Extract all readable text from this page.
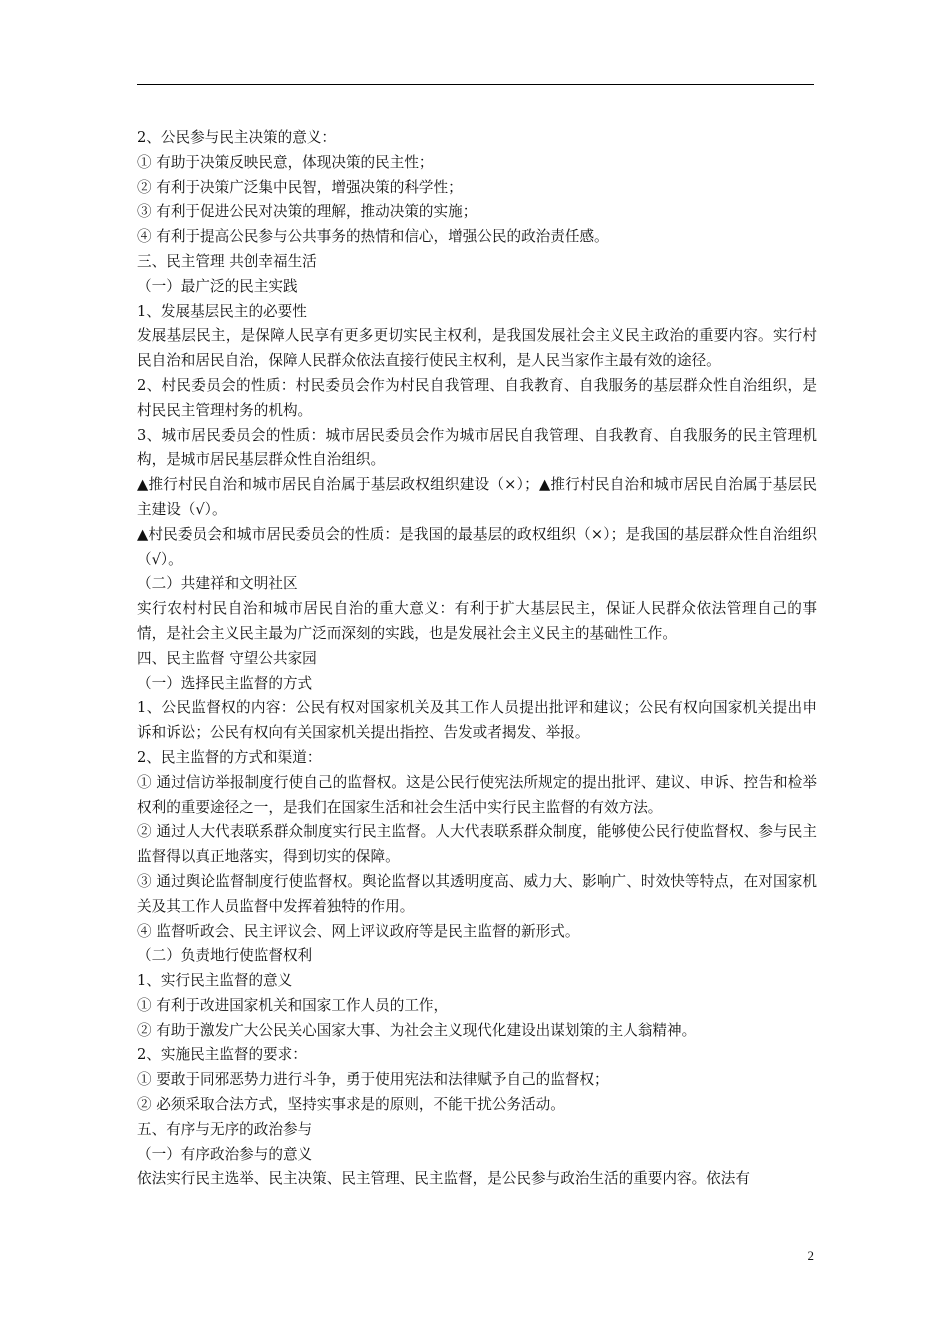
2、公民参与民主决策的意义：
① 有助于决策反映民意，体现决策的民主性；
② 有利于决策广泛集中民智，增强决策的科学性；
③ 有利于促进公民对决策的理解，推动决策的实施；
④ 有利于提高公民参与公共事务的热情和信心，增强公民的政治责任感。
三、民主管理 共创幸福生活
（一）最广泛的民主实践
1、发展基层民主的必要性
发展基层民主，是保障人民享有更多更切实民主权利，是我国发展社会主义民主政治的重要内容。实行村民自治和居民自治，保障人民群众依法直接行使民主权利，是人民当家作主最有效的途径。
2、村民委员会的性质：村民委员会作为村民自我管理、自我教育、自我服务的基层群众性自治组织，是村民民主管理村务的机构。
3、城市居民委员会的性质：城市居民委员会作为城市居民自我管理、自我教育、自我服务的民主管理机构，是城市居民基层群众性自治组织。
▲推行村民自治和城市居民自治属于基层政权组织建设（×）；▲推行村民自治和城市居民自治属于基层民主建设（√）。
▲村民委员会和城市居民委员会的性质：是我国的最基层的政权组织（×）；是我国的基层群众性自治组织（√）。
（二）共建祥和文明社区
实行农村村民自治和城市居民自治的重大意义：有利于扩大基层民主，保证人民群众依法管理自己的事情，是社会主义民主最为广泛而深刻的实践，也是发展社会主义民主的基础性工作。
四、民主监督 守望公共家园
（一）选择民主监督的方式
1、公民监督权的内容：公民有权对国家机关及其工作人员提出批评和建议；公民有权向国家机关提出申诉和诉讼；公民有权向有关国家机关提出指控、告发或者揭发、举报。
2、民主监督的方式和渠道：
① 通过信访举报制度行使自己的监督权。这是公民行使宪法所规定的提出批评、建议、申诉、控告和检举权利的重要途径之一，是我们在国家生活和社会生活中实行民主监督的有效方法。
② 通过人大代表联系群众制度实行民主监督。人大代表联系群众制度，能够使公民行使监督权、参与民主监督得以真正地落实，得到切实的保障。
③ 通过舆论监督制度行使监督权。舆论监督以其透明度高、威力大、影响广、时效快等特点，在对国家机关及其工作人员监督中发挥着独特的作用。
④ 监督听政会、民主评议会、网上评议政府等是民主监督的新形式。
（二）负责地行使监督权利
1、实行民主监督的意义
① 有利于改进国家机关和国家工作人员的工作，
② 有助于激发广大公民关心国家大事、为社会主义现代化建设出谋划策的主人翁精神。
2、实施民主监督的要求：
① 要敢于同邪恶势力进行斗争，勇于使用宪法和法律赋予自己的监督权；
② 必须采取合法方式，坚持实事求是的原则，不能干扰公务活动。
五、有序与无序的政治参与
（一）有序政治参与的意义
依法实行民主选举、民主决策、民主管理、民主监督，是公民参与政治生活的重要内容。依法有
2
